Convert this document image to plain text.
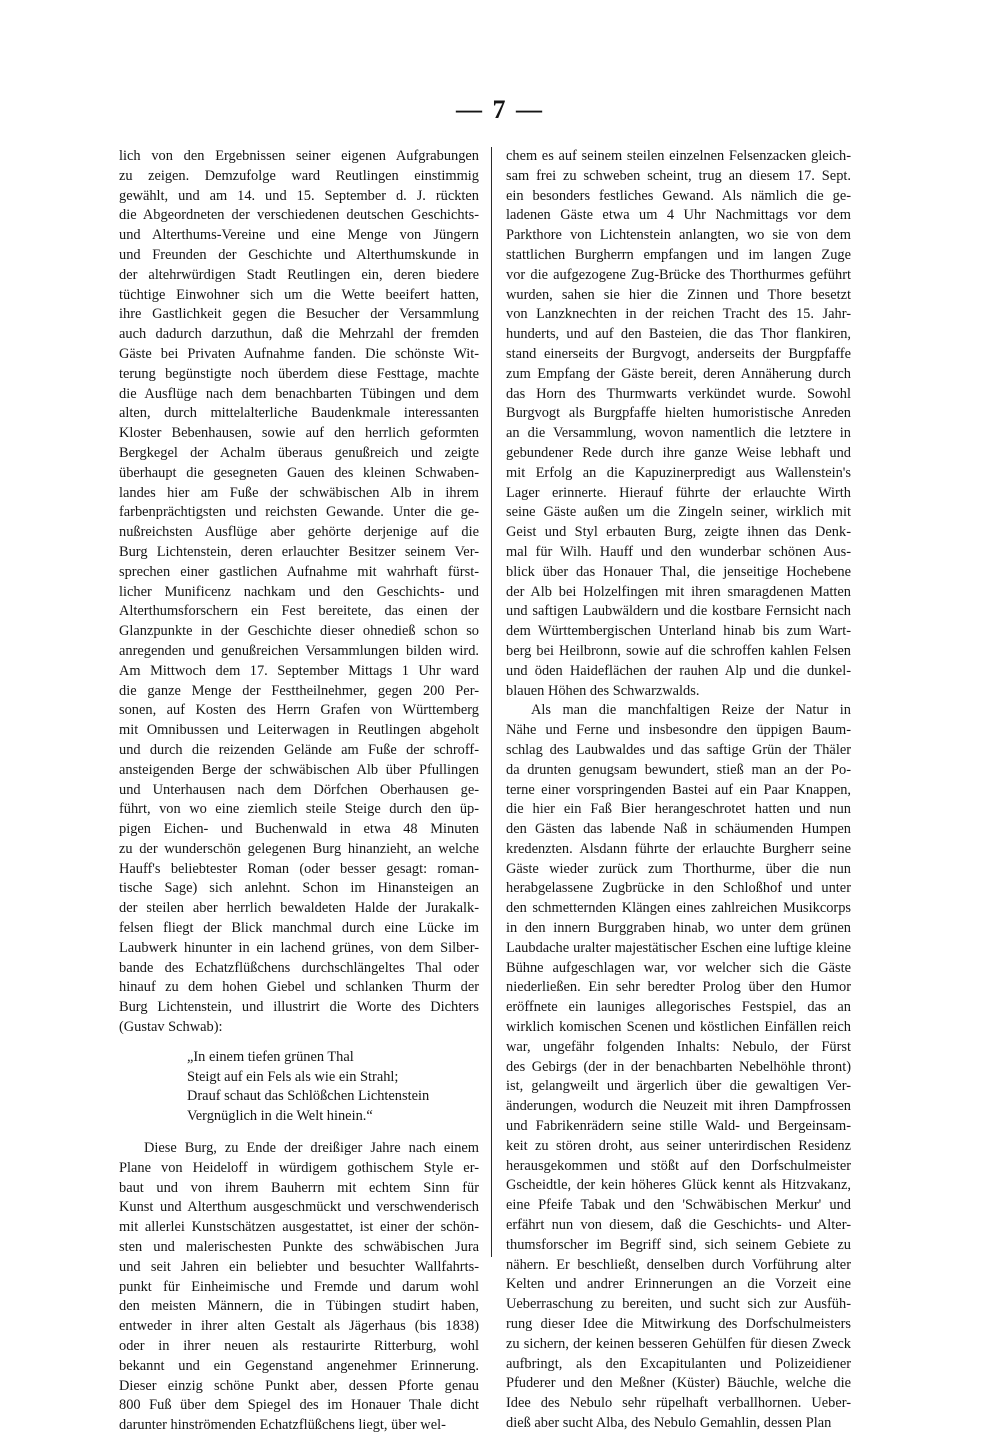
— 7 —
lich von den Ergebnissen seiner eigenen Aufgrabungen
zu zeigen. Demzufolge ward Reutlingen einstimmig
gewählt, und am 14. und 15. September d. J. rückten
die Abgeordneten der verschiedenen deutschen Geschichts-
und Alterthums-Vereine und eine Menge von Jüngern
und Freunden der Geschichte und Alterthumskunde in
der altehrwürdigen Stadt Reutlingen ein, deren biedere
tüchtige Einwohner sich um die Wette beeifert hatten,
ihre Gastlichkeit gegen die Besucher der Versammlung
auch dadurch darzuthun, daß die Mehrzahl der fremden
Gäste bei Privaten Aufnahme fanden. Die schönste Wit-
terung begünstigte noch überdem diese Festtage, machte
die Ausflüge nach dem benachbarten Tübingen und dem
alten, durch mittelalterliche Baudenkmale interessanten
Kloster Bebenhausen, sowie auf den herrlich geformten
Bergkegel der Achalm überaus genußreich und zeigte
überhaupt die gesegneten Gauen des kleinen Schwaben-
landes hier am Fuße der schwäbischen Alb in ihrem
farbenprächtigsten und reichsten Gewande. Unter die ge-
nußreichsten Ausflüge aber gehörte derjenige auf die
Burg Lichtenstein, deren erlauchter Besitzer seinem Ver-
sprechen einer gastlichen Aufnahme mit wahrhaft fürst-
licher Munificenz nachkam und den Geschichts- und
Alterthumsforschern ein Fest bereitete, das einen der
Glanzpunkte in der Geschichte dieser ohnedieß schon so
anregenden und genußreichen Versammlungen bilden wird.
Am Mittwoch dem 17. September Mittags 1 Uhr ward
die ganze Menge der Festtheilnehmer, gegen 200 Per-
sonen, auf Kosten des Herrn Grafen von Württemberg
mit Omnibussen und Leiterwagen in Reutlingen abgeholt
und durch die reizenden Gelände am Fuße der schroff-
ansteigenden Berge der schwäbischen Alb über Pfullingen
und Unterhausen nach dem Dörfchen Oberhausen ge-
führt, von wo eine ziemlich steile Steige durch den üp-
pigen Eichen- und Buchenwald in etwa 48 Minuten
zu der wunderschön gelegenen Burg hinanzieht, an welche
Hauff's beliebtester Roman (oder besser gesagt: roman-
tische Sage) sich anlehnt. Schon im Hinansteigen an
der steilen aber herrlich bewaldeten Halde der Jurakalk-
felsen fliegt der Blick manchmal durch eine Lücke im
Laubwerk hinunter in ein lachend grünes, von dem Silber-
bande des Echatzflüßchens durchschlängeltes Thal oder
hinauf zu dem hohen Giebel und schlanken Thurm der
Burg Lichtenstein, und illustrirt die Worte des Dichters
(Gustav Schwab):
„In einem tiefen grünen Thal
Steigt auf ein Fels als wie ein Strahl;
Drauf schaut das Schlößchen Lichtenstein
Vergnüglich in die Welt hinein.“
Diese Burg, zu Ende der dreißiger Jahre nach einem
Plane von Heideloff in würdigem gothischem Style er-
baut und von ihrem Bauherrn mit echtem Sinn für
Kunst und Alterthum ausgeschmückt und verschwenderisch
mit allerlei Kunstschätzen ausgestattet, ist einer der schön-
sten und malerischesten Punkte des schwäbischen Jura
und seit Jahren ein beliebter und besuchter Wallfahrts-
punkt für Einheimische und Fremde und darum wohl
den meisten Männern, die in Tübingen studirt haben,
entweder in ihrer alten Gestalt als Jägerhaus (bis 1838)
oder in ihrer neuen als restaurirte Ritterburg, wohl
bekannt und ein Gegenstand angenehmer Erinnerung.
Dieser einzig schöne Punkt aber, dessen Pforte genau
800 Fuß über dem Spiegel des im Honauer Thale dicht
darunter hinströmenden Echatzflüßchens liegt, über wel-
chem es auf seinem steilen einzelnen Felsenzacken gleich-
sam frei zu schweben scheint, trug an diesem 17. Sept.
ein besonders festliches Gewand. Als nämlich die ge-
ladenen Gäste etwa um 4 Uhr Nachmittags vor dem
Parkthore von Lichtenstein anlangten, wo sie von dem
stattlichen Burgherrn empfangen und im langen Zuge
vor die aufgezogene Zug-Brücke des Thorthurmes geführt
wurden, sahen sie hier die Zinnen und Thore besetzt
von Lanzknechten in der reichen Tracht des 15. Jahr-
hunderts, und auf den Basteien, die das Thor flankiren,
stand einerseits der Burgvogt, anderseits der Burgpfaffe
zum Empfang der Gäste bereit, deren Annäherung durch
das Horn des Thurmwarts verkündet wurde. Sowohl
Burgvogt als Burgpfaffe hielten humoristische Anreden
an die Versammlung, wovon namentlich die letztere in
gebundener Rede durch ihre ganze Weise lebhaft und
mit Erfolg an die Kapuzinerpredigt aus Wallenstein's
Lager erinnerte. Hierauf führte der erlauchte Wirth
seine Gäste außen um die Zingeln seiner, wirklich mit
Geist und Styl erbauten Burg, zeigte ihnen das Denk-
mal für Wilh. Hauff und den wunderbar schönen Aus-
blick über das Honauer Thal, die jenseitige Hochebene
der Alb bei Holzelfingen mit ihren smaragdenen Matten
und saftigen Laubwäldern und die kostbare Fernsicht nach
dem Württembergischen Unterland hinab bis zum Wart-
berg bei Heilbronn, sowie auf die schroffen kahlen Felsen
und öden Haideflächen der rauhen Alp und die dunkel-
blauen Höhen des Schwarzwalds.
Als man die manchfaltigen Reize der Natur in
Nähe und Ferne und insbesondre den üppigen Baum-
schlag des Laubwaldes und das saftige Grün der Thäler
da drunten genugsam bewundert, stieß man an der Po-
terne einer vorspringenden Bastei auf ein Paar Knappen,
die hier ein Faß Bier herangeschrotet hatten und nun
den Gästen das labende Naß in schäumenden Humpen
kredenzten. Alsdann führte der erlauchte Burgherr seine
Gäste wieder zurück zum Thorthurme, über die nun
herabgelassene Zugbrücke in den Schloßhof und unter
den schmetternden Klängen eines zahlreichen Musikcorps
in den innern Burggraben hinab, wo unter dem grünen
Laubdache uralter majestätischer Eschen eine luftige kleine
Bühne aufgeschlagen war, vor welcher sich die Gäste
niederließen. Ein sehr beredter Prolog über den Humor
eröffnete ein launiges allegorisches Festspiel, das an
wirklich komischen Scenen und köstlichen Einfällen reich
war, ungefähr folgenden Inhalts: Nebulo, der Fürst
des Gebirgs (der in der benachbarten Nebelhöhle thront)
ist, gelangweilt und ärgerlich über die gewaltigen Ver-
änderungen, wodurch die Neuzeit mit ihren Dampfrossen
und Fabrikenrädern seine stille Wald- und Bergeinsam-
keit zu stören droht, aus seiner unterirdischen Residenz
herausgekommen und stößt auf den Dorfschulmeister
Gscheidtle, der kein höheres Glück kennt als Hitzvakanz,
eine Pfeife Tabak und den 'Schwäbischen Merkur' und
erfährt nun von diesem, daß die Geschichts- und Alter-
thumsforscher im Begriff sind, sich seinem Gebiete zu
nähern. Er beschließt, denselben durch Vorführung alter
Kelten und andrer Erinnerungen an die Vorzeit eine
Ueberraschung zu bereiten, und sucht sich zur Ausfüh-
rung dieser Idee die Mitwirkung des Dorfschulmeisters
zu sichern, der keinen besseren Gehülfen für diesen Zweck
aufbringt, als den Excapitulanten und Polizeidiener
Pfuderer und den Meßner (Küster) Bäuchle, welche die
Idee des Nebulo sehr rüpelhaft verballhornen. Ueber-
dieß aber sucht Alba, des Nebulo Gemahlin, dessen Plan
